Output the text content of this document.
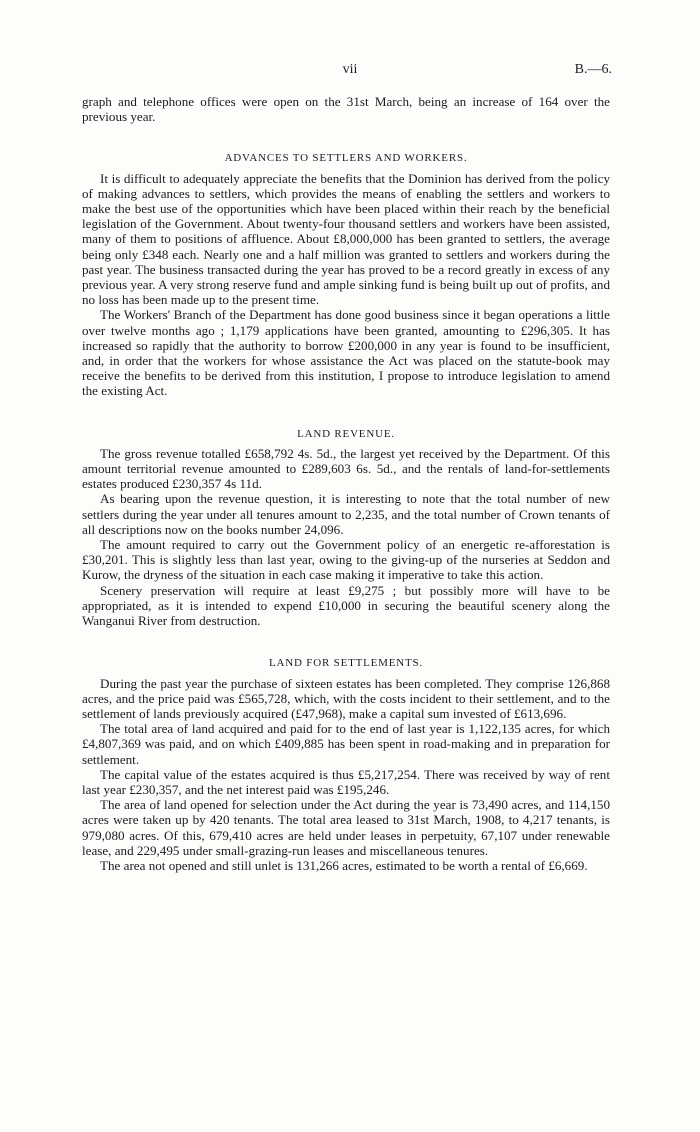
vii	B.—6.

graph and telephone offices were open on the 31st March, being an increase of 164 over the previous year.

ADVANCES TO SETTLERS AND WORKERS.

It is difficult to adequately appreciate the benefits that the Dominion has derived from the policy of making advances to settlers, which provides the means of enabling the settlers and workers to make the best use of the opportunities which have been placed within their reach by the beneficial legislation of the Government. About twenty-four thousand settlers and workers have been assisted, many of them to positions of affluence. About £8,000,000 has been granted to settlers, the average being only £348 each. Nearly one and a half million was granted to settlers and workers during the past year. The business transacted during the year has proved to be a record greatly in excess of any previous year. A very strong reserve fund and ample sinking fund is being built up out of profits, and no loss has been made up to the present time.

The Workers' Branch of the Department has done good business since it began operations a little over twelve months ago ; 1,179 applications have been granted, amounting to £296,305. It has increased so rapidly that the authority to borrow £200,000 in any year is found to be insufficient, and, in order that the workers for whose assistance the Act was placed on the statute-book may receive the benefits to be derived from this institution, I propose to introduce legislation to amend the existing Act.

LAND REVENUE.

The gross revenue totalled £658,792 4s. 5d., the largest yet received by the Department. Of this amount territorial revenue amounted to £289,603 6s. 5d., and the rentals of land-for-settlements estates produced £230,357 4s 11d.

As bearing upon the revenue question, it is interesting to note that the total number of new settlers during the year under all tenures amount to 2,235, and the total number of Crown tenants of all descriptions now on the books number 24,096.

The amount required to carry out the Government policy of an energetic re-afforestation is £30,201. This is slightly less than last year, owing to the giving-up of the nurseries at Seddon and Kurow, the dryness of the situation in each case making it imperative to take this action.

Scenery preservation will require at least £9,275 ; but possibly more will have to be appropriated, as it is intended to expend £10,000 in securing the beautiful scenery along the Wanganui River from destruction.

LAND FOR SETTLEMENTS.

During the past year the purchase of sixteen estates has been completed. They comprise 126,868 acres, and the price paid was £565,728, which, with the costs incident to their settlement, and to the settlement of lands previously acquired (£47,968), make a capital sum invested of £613,696.

The total area of land acquired and paid for to the end of last year is 1,122,135 acres, for which £4,807,369 was paid, and on which £409,885 has been spent in road-making and in preparation for settlement.

The capital value of the estates acquired is thus £5,217,254. There was received by way of rent last year £230,357, and the net interest paid was £195,246.

The area of land opened for selection under the Act during the year is 73,490 acres, and 114,150 acres were taken up by 420 tenants. The total area leased to 31st March, 1908, to 4,217 tenants, is 979,080 acres. Of this, 679,410 acres are held under leases in perpetuity, 67,107 under renewable lease, and 229,495 under small-grazing-run leases and miscellaneous tenures.

The area not opened and still unlet is 131,266 acres, estimated to be worth a rental of £6,669.
